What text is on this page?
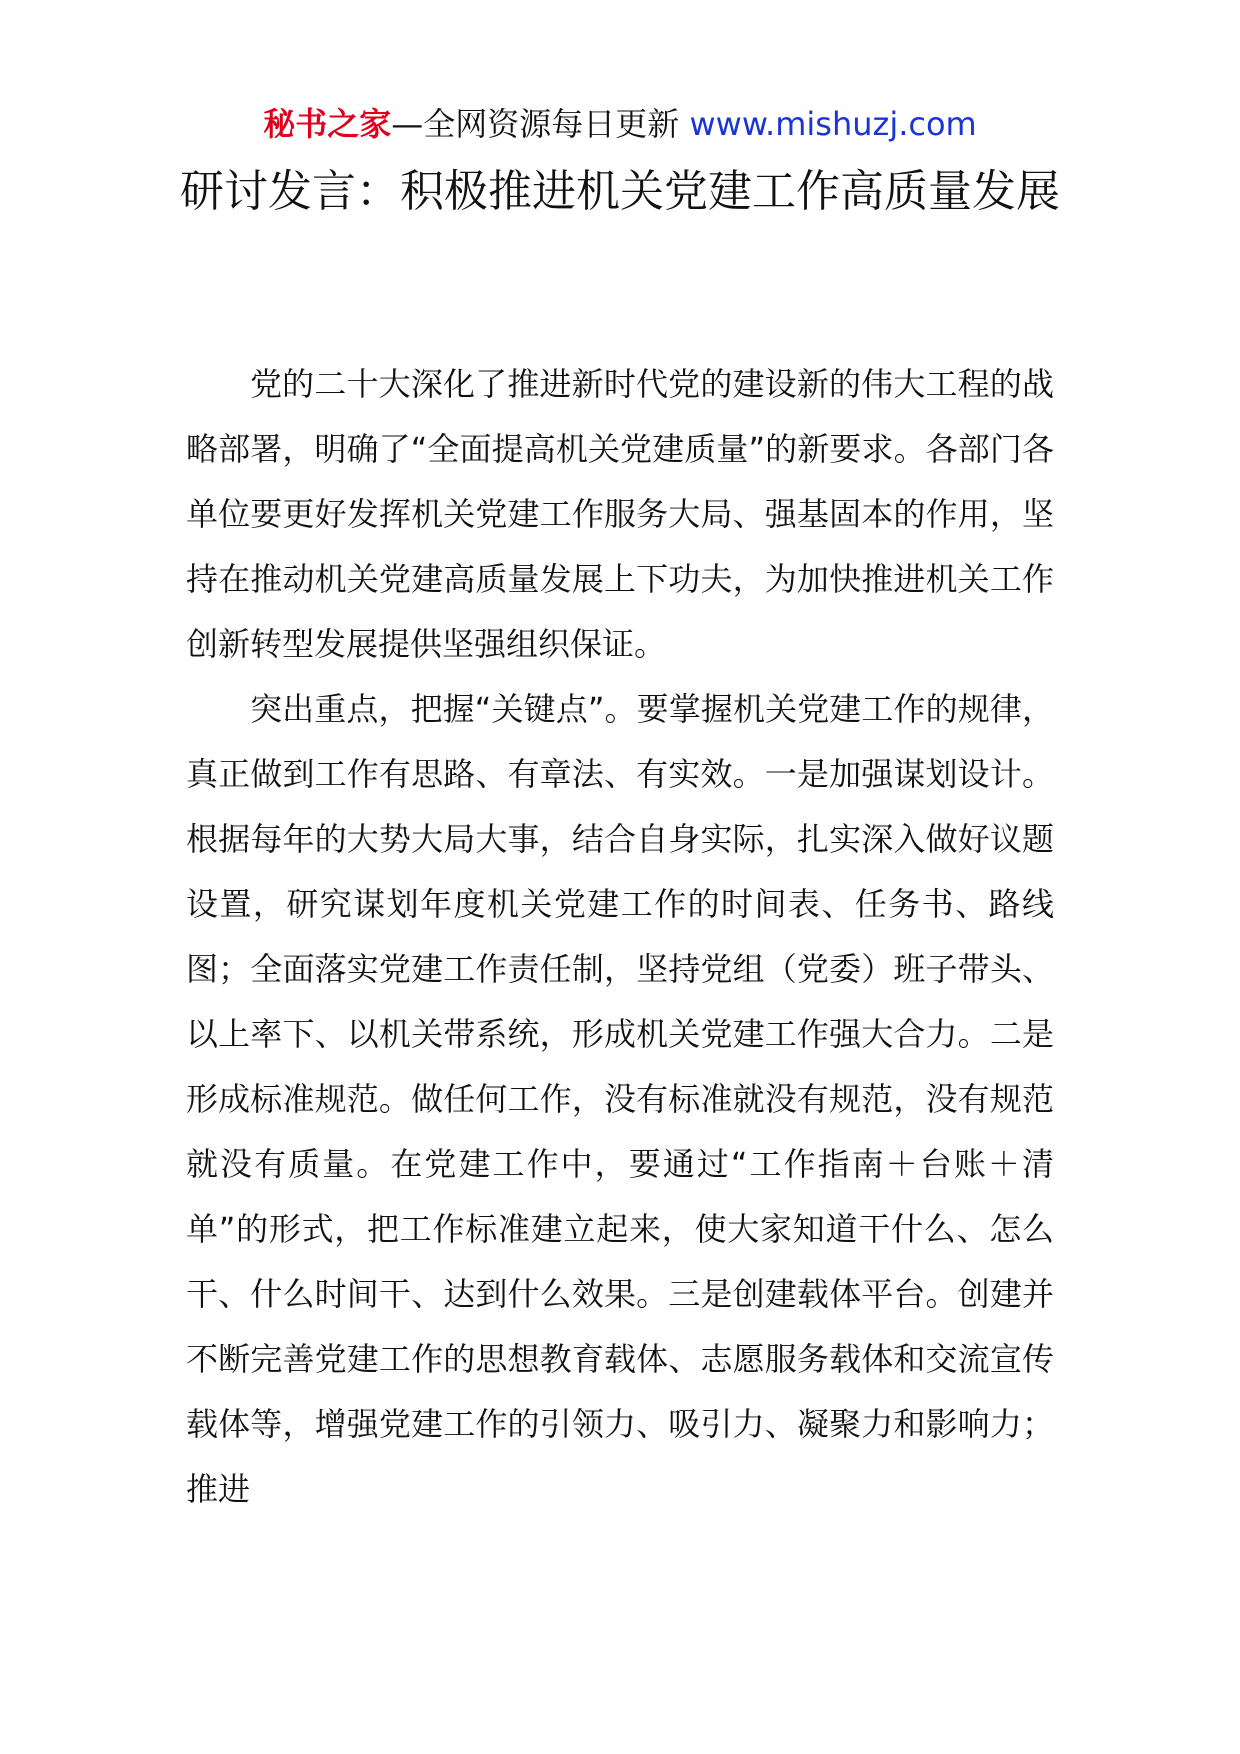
秘书之家—全网资源每日更新 www.mishuzj.com
研讨发言：积极推进机关党建工作高质量发展

党的二十大深化了推进新时代党的建设新的伟大工程的战略部署，明确了“全面提高机关党建质量”的新要求。各部门各单位要更好发挥机关党建工作服务大局、强基固本的作用，坚持在推动机关党建高质量发展上下功夫，为加快推进机关工作创新转型发展提供坚强组织保证。

突出重点，把握“关键点”。要掌握机关党建工作的规律，真正做到工作有思路、有章法、有实效。一是加强谋划设计。根据每年的大势大局大事，结合自身实际，扎实深入做好议题设置，研究谋划年度机关党建工作的时间表、任务书、路线图；全面落实党建工作责任制，坚持党组（党委）班子带头、以上率下、以机关带系统，形成机关党建工作强大合力。二是形成标准规范。做任何工作，没有标准就没有规范，没有规范就没有质量。在党建工作中，要通过“工作指南＋台账＋清单”的形式，把工作标准建立起来，使大家知道干什么、怎么干、什么时间干、达到什么效果。三是创建载体平台。创建并不断完善党建工作的思想教育载体、志愿服务载体和交流宣传载体等，增强党建工作的引领力、吸引力、凝聚力和影响力；推进
